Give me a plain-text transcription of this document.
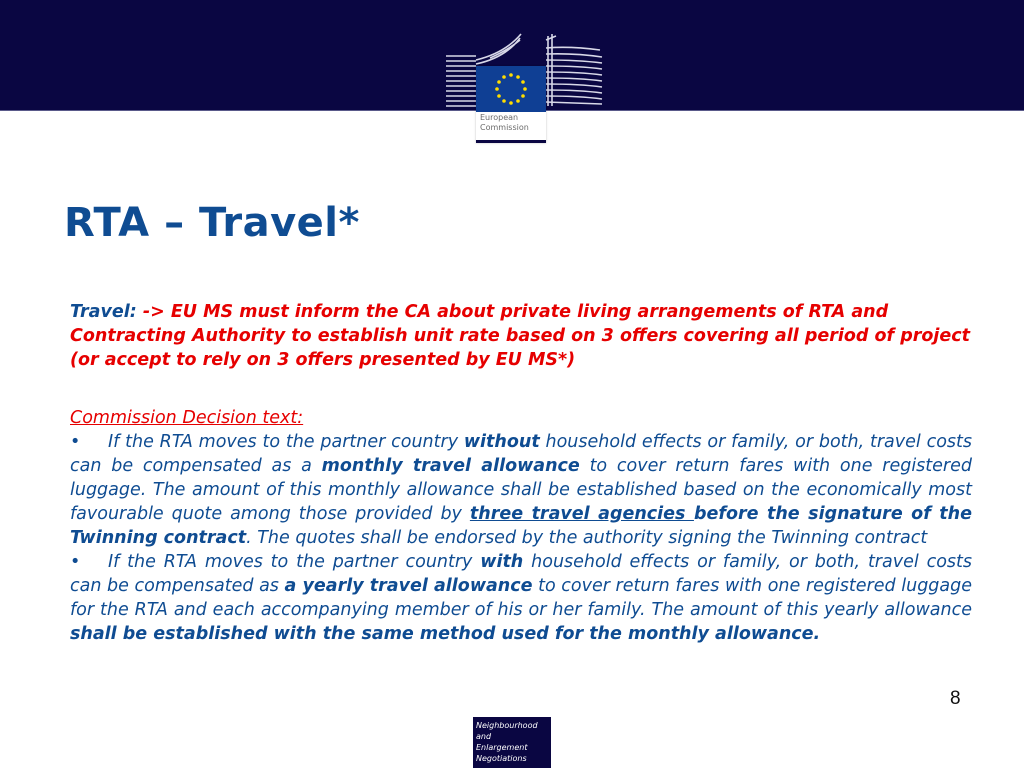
European
Commission
RTA – Travel*
Travel: -> EU MS must inform the CA about private living arrangements of RTA and Contracting Authority to establish unit rate based on 3 offers covering all period of project (or accept to rely on 3 offers presented by EU MS*)
Commission Decision text:
• If the RTA moves to the partner country without household effects or family, or both, travel costs can be compensated as a monthly travel allowance to cover return fares with one registered luggage. The amount of this monthly allowance shall be established based on the economically most favourable quote among those provided by three travel agencies before the signature of the Twinning contract. The quotes shall be endorsed by the authority signing the Twinning contract
• If the RTA moves to the partner country with household effects or family, or both, travel costs can be compensated as a yearly travel allowance to cover return fares with one registered luggage for the RTA and each accompanying member of his or her family. The amount of this yearly allowance shall be established with the same method used for the monthly allowance.
8
Neighbourhood and
Enlargement
Negotiations
